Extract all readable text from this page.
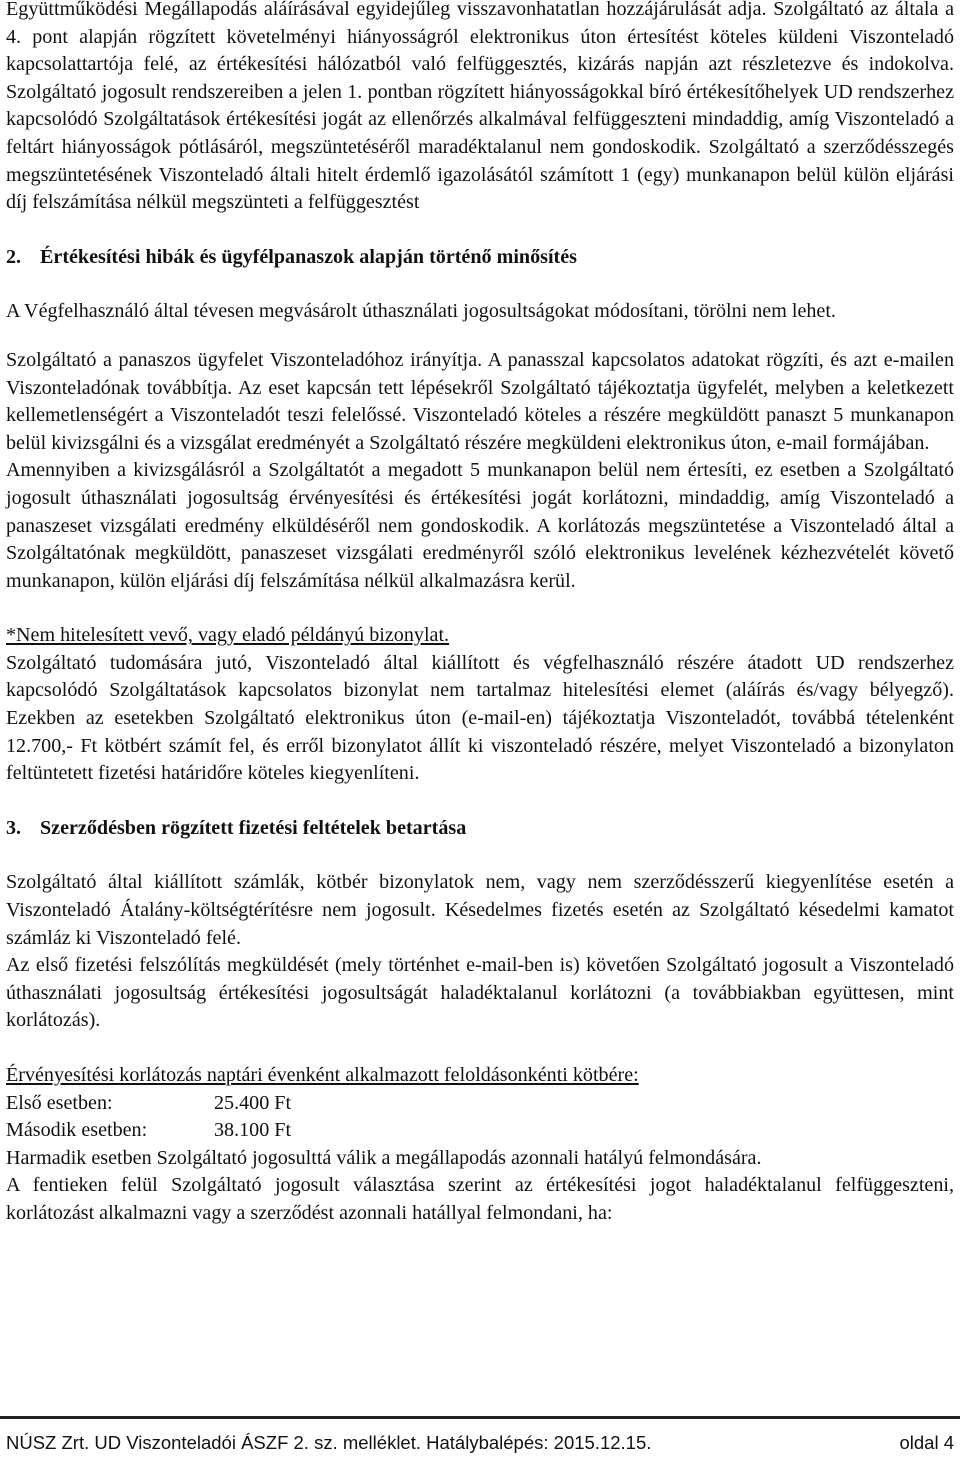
Együttműködési Megállapodás aláírásával egyidejűleg visszavonhatatlan hozzájárulását adja. Szolgáltató az általa a 4. pont alapján rögzített követelményi hiányosságról elektronikus úton értesítést köteles küldeni Viszonteladó kapcsolattartója felé, az értékesítési hálózatból való felfüggesztés, kizárás napján azt részletezve és indokolva. Szolgáltató jogosult rendszereiben a jelen 1. pontban rögzített hiányosságokkal bíró értékesítőhelyek UD rendszerhez kapcsolódó Szolgáltatások értékesítési jogát az ellenőrzés alkalmával felfüggeszteni mindaddig, amíg Viszonteladó a feltárt hiányosságok pótlásáról, megszüntetéséről maradéktalanul nem gondoskodik. Szolgáltató a szerződésszegés megszüntetésének Viszonteladó általi hitelt érdemlő igazolásától számított 1 (egy) munkanapon belül külön eljárási díj felszámítása nélkül megszünteti a felfüggesztést

2. Értékesítési hibák és ügyfélpanaszok alapján történő minősítés

A Végfelhasználó által tévesen megvásárolt úthasználati jogosultságokat módosítani, törölni nem lehet.

Szolgáltató a panaszos ügyfelet Viszonteladóhoz irányítja. A panasszal kapcsolatos adatokat rögzíti, és azt e-mailen Viszonteladónak továbbítja. Az eset kapcsán tett lépésekről Szolgáltató tájékoztatja ügyfelét, melyben a keletkezett kellemetlenségért a Viszonteladót teszi felelőssé. Viszonteladó köteles a részére megküldött panaszt 5 munkanapon belül kivizsgálni és a vizsgálat eredményét a Szolgáltató részére megküldeni elektronikus úton, e-mail formájában.

Amennyiben a kivizsgálásról a Szolgáltatót a megadott 5 munkanapon belül nem értesíti, ez esetben a Szolgáltató jogosult úthasználati jogosultság érvényesítési és értékesítési jogát korlátozni, mindaddig, amíg Viszonteladó a panaszeset vizsgálati eredmény elküldéséről nem gondoskodik. A korlátozás megszüntetése a Viszonteladó által a Szolgáltatónak megküldött, panaszeset vizsgálati eredményről szóló elektronikus levelének kézhezvételét követő munkanapon, külön eljárási díj felszámítása nélkül alkalmazásra kerül.

*Nem hitelesített vevő, vagy eladó példányú bizonylat.

Szolgáltató tudomására jutó, Viszonteladó által kiállított és végfelhasználó részére átadott UD rendszerhez kapcsolódó Szolgáltatások kapcsolatos bizonylat nem tartalmaz hitelesítési elemet (aláírás és/vagy bélyegző). Ezekben az esetekben Szolgáltató elektronikus úton (e-mail-en) tájékoztatja Viszonteladót, továbbá tételenként 12.700,- Ft kötbért számít fel, és erről bizonylatot állít ki viszonteladó részére, melyet Viszonteladó a bizonylaton feltüntetett fizetési határidőre köteles kiegyenlíteni.

3. Szerződésben rögzített fizetési feltételek betartása

Szolgáltató által kiállított számlák, kötbér bizonylatok nem, vagy nem szerződésszerű kiegyenlítése esetén a Viszonteladó Átalány-költségtérítésre nem jogosult. Késedelmes fizetés esetén az Szolgáltató késedelmi kamatot számláz ki Viszonteladó felé.

Az első fizetési felszólítás megküldését (mely történhet e-mail-ben is) követően Szolgáltató jogosult a Viszonteladó úthasználati jogosultság értékesítési jogosultságát haladéktalanul korlátozni (a továbbiakban együttesen, mint korlátozás).

Érvényesítési korlátozás naptári évenként alkalmazott feloldásonkénti kötbére:

Első esetben:	25.400 Ft
Második esetben:	38.100 Ft

Harmadik esetben Szolgáltató jogosulttá válik a megállapodás azonnali hatályú felmondására.

A fentieken felül Szolgáltató jogosult választása szerint az értékesítési jogot haladéktalanul felfüggeszteni, korlátozást alkalmazni vagy a szerződést azonnali hatállyal felmondani, ha:

NÚSZ Zrt. UD Viszonteladói ÁSZF 2. sz. melléklet. Hatálybalépés: 2015.12.15.	oldal 4
